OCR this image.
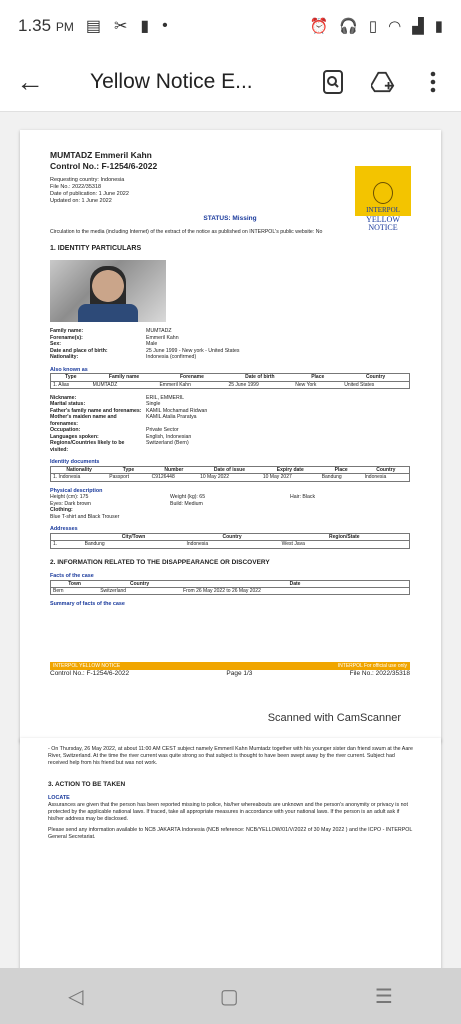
1.35 PM ▤ ✂ ▮ •	⏰ 🎧 ▯ ◠ ▟ ▮
←	Yellow Notice E...
MUMTADZ Emmeril Kahn
Control No.: F-1254/6-2022
Requesting country: Indonesia
File No.: 2022/35318
Date of publication: 1 June 2022
Updated on: 1 June 2022
STATUS: Missing
Circulation to the media (including Internet) of the extract of the notice as published on INTERPOL's public website: No
1. IDENTITY PARTICULARS
Family name:	MUMTADZ
Forename(s):	Emmeril Kahn
Sex:	Male
Date and place of birth:	25 June 1999 - New york - United States
Nationality:	Indonesia (confirmed)
Also known as
Type	Family name	Forename	Date of birth	Place	Country
1. Alias	MUMTADZ	Emmeril Kahn	25 June 1999	New York	United States
Nickname:	ERIL, EMMERIL
Marital status:	Single
Father's family name and forenames: KAMIL Mochamad Ridwan
Mother's maiden name and forenames:
KAMIL Atalia Praratya
Occupation:	Private Sector
Languages spoken:	English, Indonesian
Regions/Countries likely to be visited:
Switzerland (Bern)
Identity documents
Nationality	Type	Number	Date of issue	Expiry date	Place	Country
1. Indonesia	Passport	C9126448	10 May 2022	10 May 2027	Bandung	Indonesia
Physical description
Height (cm): 175	Weight (kg): 65	Hair: Black
Eyes: Dark brown	Build: Medium
Clothing:
Blue T-shirt and Black Trouser
Addresses
	City/Town	Country	Region/State
1.	Bandung	Indonesia	West Java
2. INFORMATION RELATED TO THE DISAPPEARANCE OR DISCOVERY
Facts of the case
Town	Country	Date
Bern	Switzerland	From 26 May 2022 to 26 May 2022
Summary of facts of the case
INTERPOL
YELLOW
NOTICE
INTERPOL YELLOW NOTICE	INTERPOL For official use only
Control No.: F-1254/6-2022	Page 1/3	File No.: 2022/35318
Scanned with CamScanner
- On Thursday, 26 May 2022, at about 11:00 AM CEST subject namely Emmeril Kahn Mumtadz together with his younger sister dan friend swum at the Aare River, Switzerland. At the time the river current was quite strong so that subject is thought to have been swept away by the river current. Subject had received help from his friend but was not work.
3. ACTION TO BE TAKEN
LOCATE
Assurances are given that the person has been reported missing to police, his/her whereabouts are unknown and the person's anonymity or privacy is not protected by the applicable national laws. If traced, take all appropriate measures in accordance with your national laws. If the person is an adult ask if his/her address may be disclosed.
Please send any information available to NCB JAKARTA Indonesia (NCB reference: NCB/YELLOW/01/V/2022 of 30 May 2022 ) and the ICPO - INTERPOL General Secretariat.
◁	▢	☰
